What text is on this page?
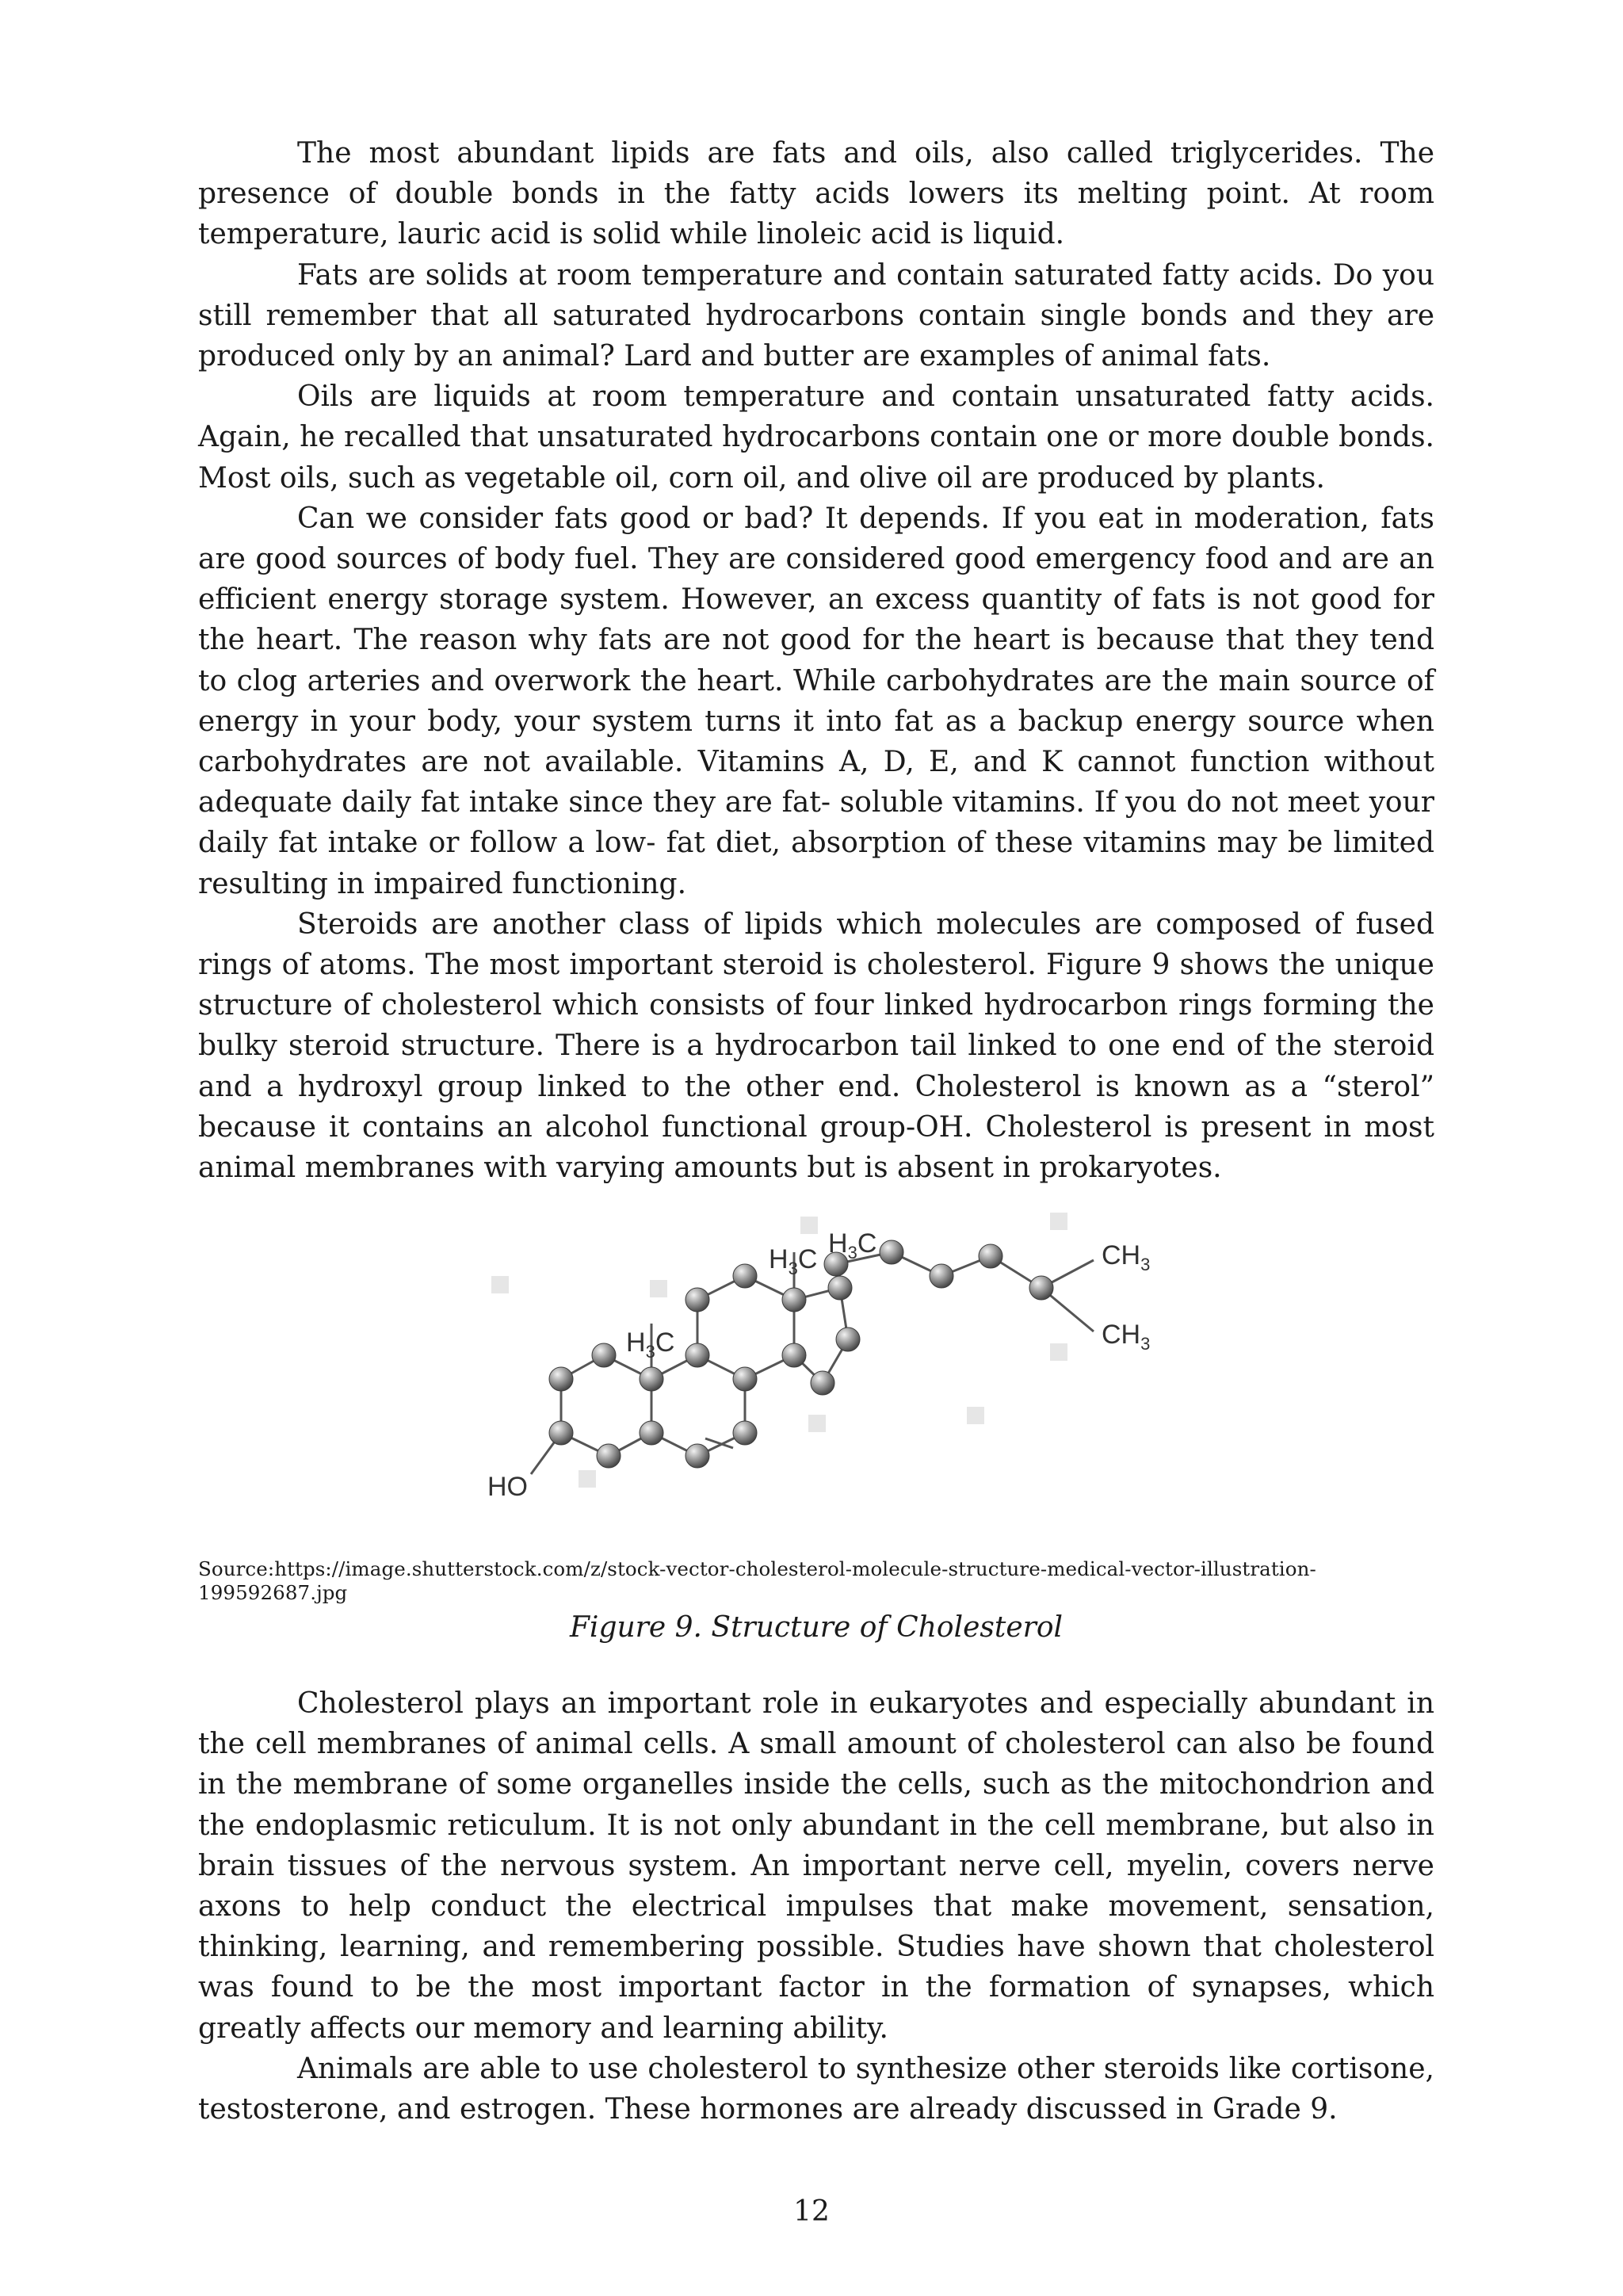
The most abundant lipids are fats and oils, also called triglycerides. The presence of double bonds in the fatty acids lowers its melting point. At room temperature, lauric acid is solid while linoleic acid is liquid.

Fats are solids at room temperature and contain saturated fatty acids. Do you still remember that all saturated hydrocarbons contain single bonds and they are produced only by an animal? Lard and butter are examples of animal fats.

Oils are liquids at room temperature and contain unsaturated fatty acids. Again, he recalled that unsaturated hydrocarbons contain one or more double bonds. Most oils, such as vegetable oil, corn oil, and olive oil are produced by plants.

Can we consider fats good or bad? It depends. If you eat in moderation, fats are good sources of body fuel. They are considered good emergency food and are an efficient energy storage system. However, an excess quantity of fats is not good for the heart. The reason why fats are not good for the heart is because that they tend to clog arteries and overwork the heart. While carbohydrates are the main source of energy in your body, your system turns it into fat as a backup energy source when carbohydrates are not available. Vitamins A, D, E, and K cannot function without adequate daily fat intake since they are fat- soluble vitamins. If you do not meet your daily fat intake or follow a low- fat diet, absorption of these vitamins may be limited resulting in impaired functioning.

Steroids are another class of lipids which molecules are composed of fused rings of atoms. The most important steroid is cholesterol. Figure 9 shows the unique structure of cholesterol which consists of four linked hydrocarbon rings forming the bulky steroid structure. There is a hydrocarbon tail linked to one end of the steroid and a hydroxyl group linked to the other end. Cholesterol is known as a “sterol” because it contains an alcohol functional group-OH. Cholesterol is present in most animal membranes with varying amounts but is absent in prokaryotes.

$H_3C$
$H_3C$
$H_3C$	$CH_3$
$CH_3$
HO

Source:https://image.shutterstock.com/z/stock-vector-cholesterol-molecule-structure-medical-vector-illustration-199592687.jpg

Figure 9. Structure of Cholesterol

Cholesterol plays an important role in eukaryotes and especially abundant in the cell membranes of animal cells. A small amount of cholesterol can also be found in the membrane of some organelles inside the cells, such as the mitochondrion and the endoplasmic reticulum. It is not only abundant in the cell membrane, but also in brain tissues of the nervous system. An important nerve cell, myelin, covers nerve axons to help conduct the electrical impulses that make movement, sensation, thinking, learning, and remembering possible. Studies have shown that cholesterol was found to be the most important factor in the formation of synapses, which greatly affects our memory and learning ability.

Animals are able to use cholesterol to synthesize other steroids like cortisone, testosterone, and estrogen. These hormones are already discussed in Grade 9.

12
